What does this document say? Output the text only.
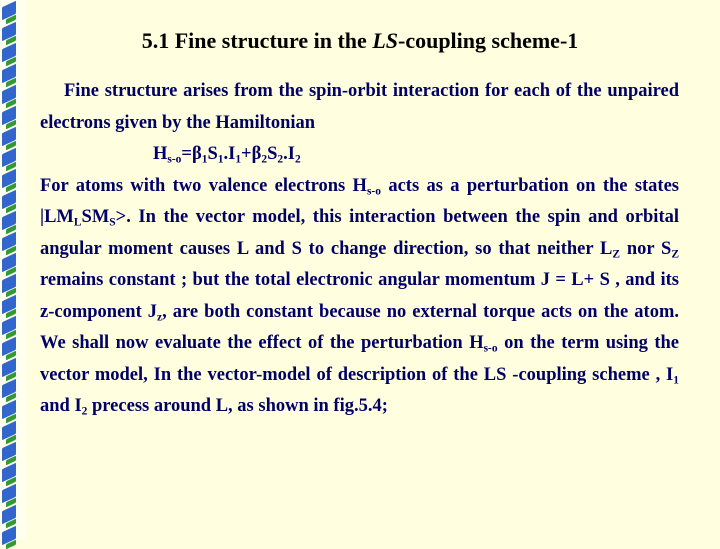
5.1 Fine structure in the LS-coupling scheme-1

Fine structure arises from the spin-orbit interaction for each of the unpaired electrons given by the Hamiltonian

$H_{s-o}=\beta_1S_1.I_1+\beta_2S_2.I_2$

For atoms with two valence electrons $H_{s-o}$ acts as a perturbation on the states $|LM_LSM_S>$. In the vector model, this interaction between the spin and orbital angular moment causes L and S to change direction, so that neither $L_Z$ nor $S_Z$ remains constant ; but the total electronic angular momentum J = L+ S , and its z-component $J_z$, are both constant because no external torque acts on the atom. We shall now evaluate the effect of the perturbation $H_{s-o}$ on the term using the vector model, In the vector-model of description of the LS -coupling scheme , $I_1$ and $I_2$ precess around L, as shown in fig.5.4;
